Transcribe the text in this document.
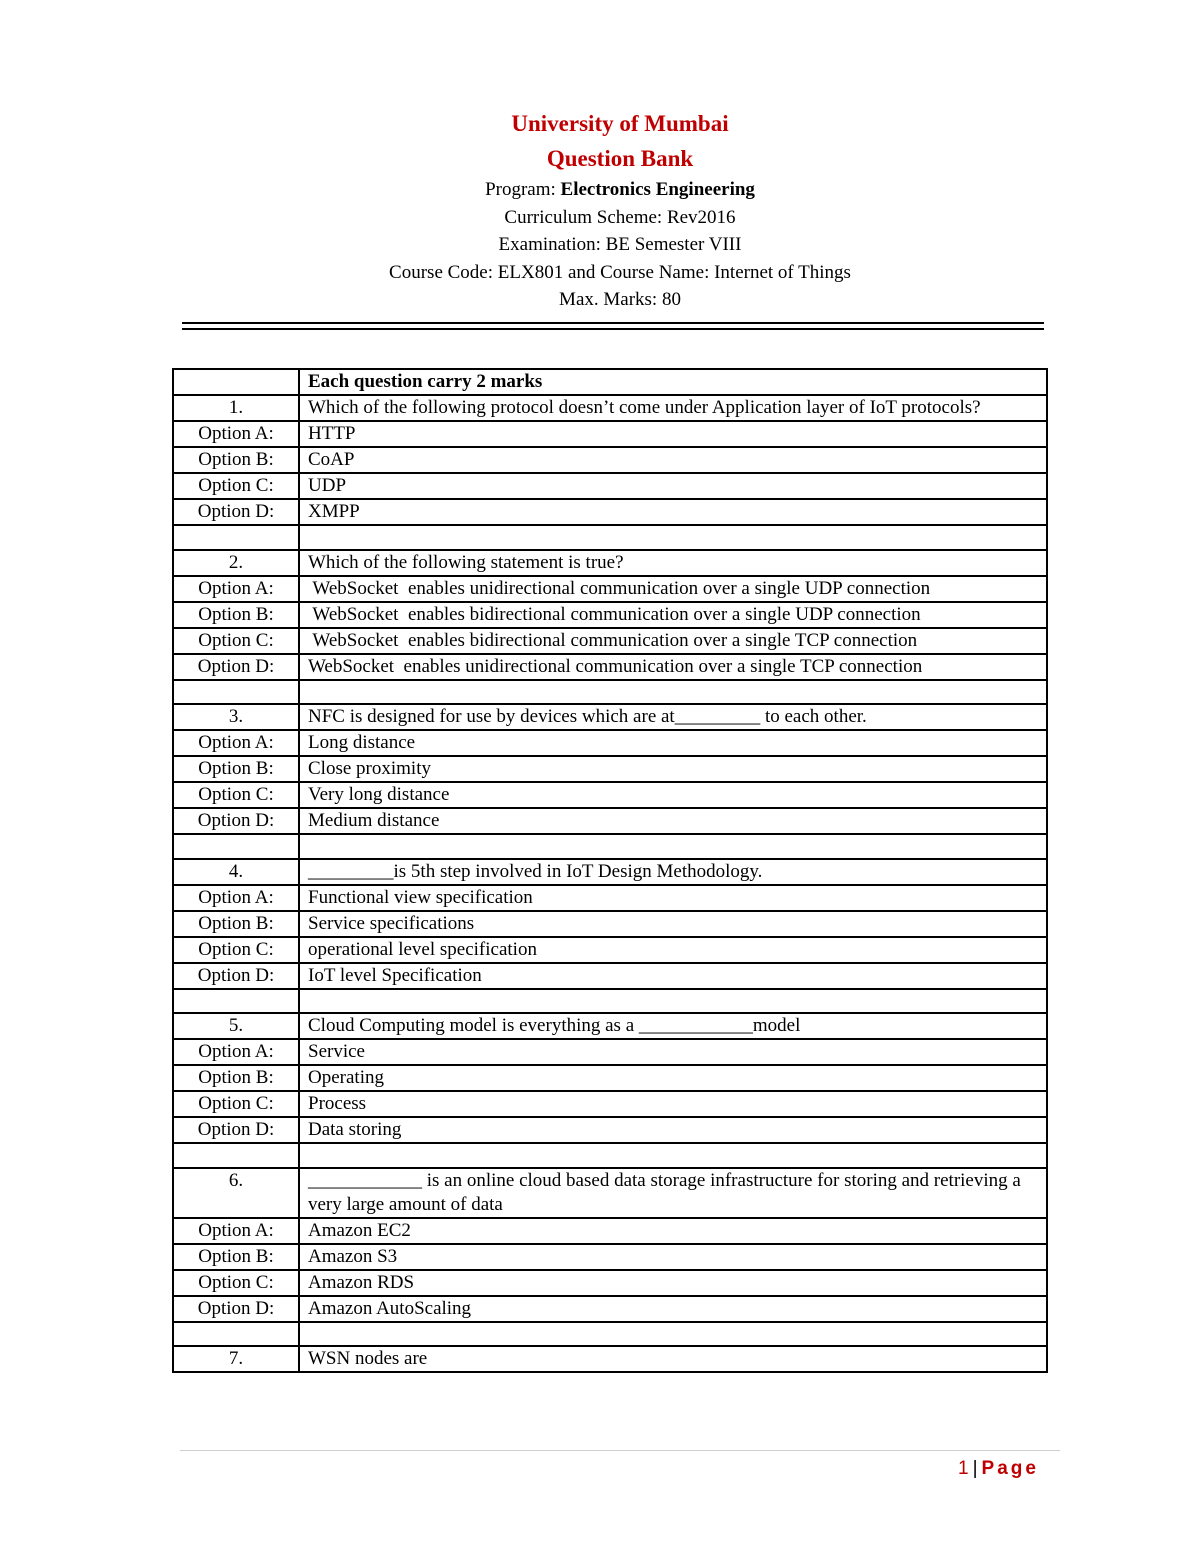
University of Mumbai
Question Bank
Program: Electronics Engineering
Curriculum Scheme: Rev2016
Examination: BE Semester VIII
Course Code: ELX801 and Course Name: Internet of Things
Max. Marks: 80
	Each question carry 2 marks
1.	Which of the following protocol doesn’t come under Application layer of IoT protocols?
Option A:	HTTP
Option B:	CoAP
Option C:	UDP
Option D:	XMPP

2.	Which of the following statement is true?
Option A:	WebSocket  enables unidirectional communication over a single UDP connection
Option B:	WebSocket  enables bidirectional communication over a single UDP connection
Option C:	WebSocket  enables bidirectional communication over a single TCP connection
Option D:	WebSocket  enables unidirectional communication over a single TCP connection

3.	NFC is designed for use by devices which are at_________ to each other.
Option A:	Long distance
Option B:	Close proximity
Option C:	Very long distance
Option D:	Medium distance

4.	_________is 5th step involved in IoT Design Methodology.
Option A:	Functional view specification
Option B:	Service specifications
Option C:	operational level specification
Option D:	IoT level Specification

5.	Cloud Computing model is everything as a ____________model
Option A:	Service
Option B:	Operating
Option C:	Process
Option D:	Data storing

6.	____________ is an online cloud based data storage infrastructure for storing and retrieving a very large amount of data
Option A:	Amazon EC2
Option B:	Amazon S3
Option C:	Amazon RDS
Option D:	Amazon AutoScaling

7.	WSN nodes are
1 | Page
